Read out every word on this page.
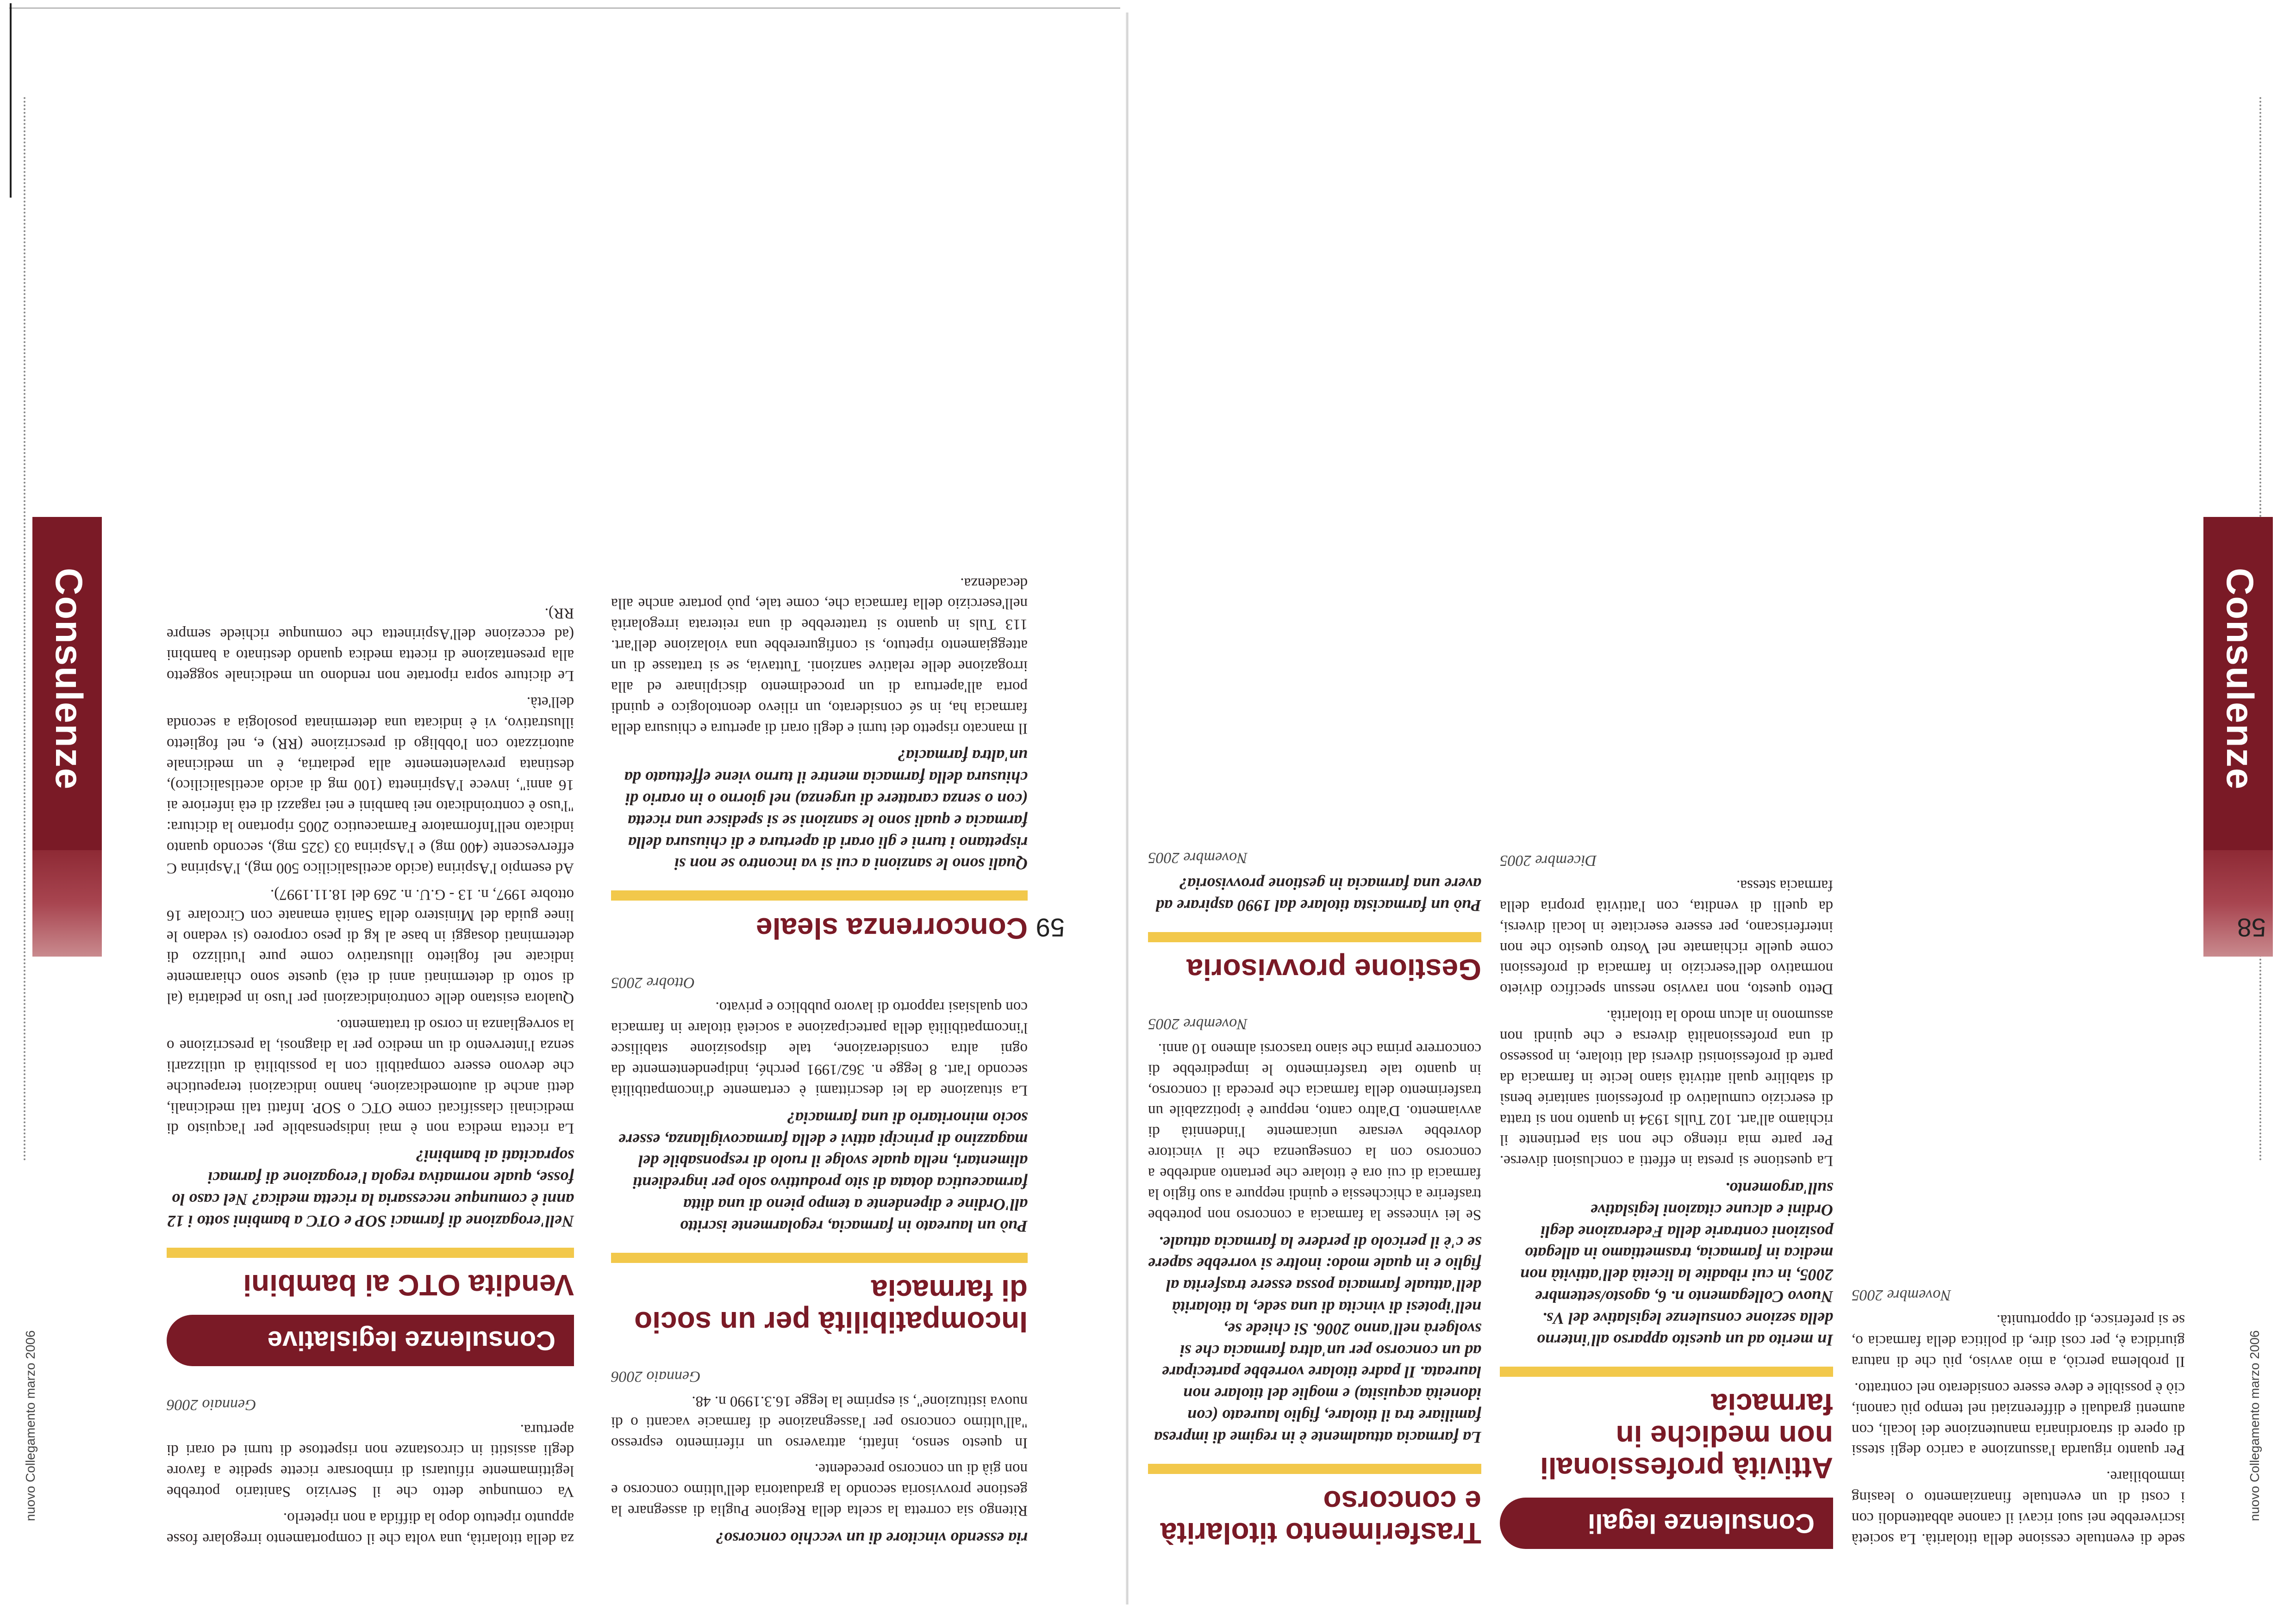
nuovo Collegamento marzo 2006
Consulenze
58

sede di eventuale cessione della titolarità. La società iscriverebbe nei suoi ricavi il canone abbattendoli con i costi di un eventuale finanziamento o leasing immobiliare.

Per quanto riguarda l'assunzione a carico degli stessi di opere di straordinaria manutenzione dei locali, con aumenti graduali e differenziati nel tempo più canoni, ciò è possibile e deve essere considerato nel contratto.

Il problema perciò, a mio avviso, più che di natura giuridica è, per così dire, di politica della farmacia o, se si preferisce, di opportunità.

Novembre 2005
Consulenze legali
Attività professionali non mediche in farmacia

In merito ad un quesito apparso all'interno della sezione consulenze legislative del Vs. Nuovo Collegamento n. 6, agosto/settembre 2005, in cui ribadite la liceità dell'attività non medica in farmacia, trasmettiamo in allegato posizioni contrarie della Federazione degli Ordini e alcune citazioni legislative sull'argomento.

La questione si presta in effetti a conclusioni diverse. Per parte mia ritengo che non sia pertinente il richiamo all'art. 102 Tulls 1934 in quanto non si tratta di esercizio cumulativo di professioni sanitarie bensì di stabilire quali attività siano lecite in farmacia da parte di professionisti diversi dal titolare, in possesso di una professionalità diversa e che quindi non assumono in alcun modo la titolarità.

Detto questo, non ravviso nessun specifico divieto normativo dell'esercizio in farmacia di professioni come quelle richiamate nel Vostro quesito che non interferiscano, per essere esercitate in locali diversi, da quelli di vendita, con l'attività propria della farmacia stessa.

Dicembre 2005
Trasferimento titolarità e concorso

La farmacia attualmente è in regime di impresa familiare tra il titolare, figlio laureato (con idoneità acquisita) e moglie del titolare non laureata. Il padre titolare vorrebbe partecipare ad un concorso per un'altra farmacia che si svolgerà nell'anno 2006. Si chiede se, nell'ipotesi di vincita di una sede, la titolarità dell'attuale farmacia possa essere trasferita al figlio e in quale modo: inoltre si vorrebbe sapere se c'è il pericolo di perdere la farmacia attuale.

Se lei vincesse la farmacia a concorso non potrebbe trasferire a chicchessia e quindi neppure a suo figlio la farmacia di cui ora è titolare che pertanto andrebbe a concorso con la conseguenza che il vincitore dovrebbe versare unicamente l'indennità di avviamento. D'altro canto, neppure è ipotizzabile un trasferimento della farmacia che preceda il concorso, in quanto tale trasferimento le impedirebbe di concorrere prima che siano trascorsi almeno 10 anni.

Novembre 2005
Gestione provvisoria

Può un farmacista titolare dal 1990 aspirare ad avere una farmacia in gestione provvisoria?

Novembre 2005
59
Consulenze
nuovo Collegamento marzo 2006

ria essendo vincitore di un vecchio concorso?

Ritengo sia corretta la scelta della Regione Puglia di assegnare la gestione provvisoria secondo la graduatoria dell'ultimo concorso e non già di un concorso precedente.

In questo senso, infatti, attraverso un riferimento espresso "all'ultimo concorso per l'assegnazione di farmacie vacanti o di nuova istituzione", si esprime la legge 16.3.1990 n. 48.

Gennaio 2006
Incompatibilità per un socio di farmacia

Può un laureato in farmacia, regolarmente iscritto all'Ordine e dipendente a tempo pieno di una ditta farmaceutica dotata di sito produttivo solo per ingredienti alimentari, nella quale svolge il ruolo di responsabile del magazzino di principi attivi e della farmacovigilanza, essere socio minoritario di una farmacia?

La situazione da lei descrittami è certamente d'incompatibilità secondo l'art. 8 legge n. 362/1991 perché, indipendentemente da ogni altra considerazione, tale disposizione stabilisce l'incompatibilità della partecipazione a società titolare in farmacia con qualsiasi rapporto di lavoro pubblico e privato.

Ottobre 2005
Concorrenza sleale

Quali sono le sanzioni a cui si va incontro se non si rispettano i turni e gli orari di apertura e di chiusura della farmacia e quali sono le sanzioni se si spedisce una ricetta (con o senza carattere di urgenza) nel giorno o in orario di chiusura della farmacia mentre il turno viene effettuato da un'altra farmacia?

Il mancato rispetto dei turni e degli orari di apertura e chiusura della farmacia ha, in sé considerato, un rilievo deontologico e quindi porta all'apertura di un procedimento disciplinare ed alla irrogazione delle relative sanzioni. Tuttavia, se si trattasse di un atteggiamento ripetuto, si configurerebbe una violazione dell'art. 113 Tuls in quanto si tratterebbe di una reiterata irregolarità nell'esercizio della farmacia che, come tale, può portare anche alla decadenza.

za della titolarità, una volta che il comportamento irregolare fosse appunto ripetuto dopo la diffida a non ripeterlo.

Va comunque detto che il Servizio Sanitario potrebbe legittimamente rifiutarsi di rimborsare ricette spedite a favore degli assistiti in circostanze non rispettose di turni ed orari di apertura.

Gennaio 2006
Consulenze legislative
Vendita OTC ai bambini

Nell'erogazione di farmaci SOP e OTC a bambini sotto i 12 anni è comunque necessaria la ricetta medica? Nel caso lo fosse, quale normativa regola l'erogazione di farmaci sopracitati ai bambini?

La ricetta medica non è mai indispensabile per l'acquisto di medicinali classificati come OTC o SOP. Infatti tali medicinali, detti anche di automedicazione, hanno indicazioni terapeutiche che devono essere compatibili con la possibilità di utilizzarli senza l'intervento di un medico per la diagnosi, la prescrizione o la sorveglianza in corso di trattamento.

Qualora esistano delle controindicazioni per l'uso in pediatria (al di sotto di determinati anni di età) queste sono chiaramente indicate nel foglietto illustrativo come pure l'utilizzo di determinati dosaggi in base al kg di peso corporeo (si vedano le linee guida del Ministero della Sanità emanate con Circolare 16 ottobre 1997, n. 13 - G.U. n. 269 del 18.11.1997).

Ad esempio l'Aspirina (acido acetilsalicilico 500 mg), l'Aspirina C effervescente (400 mg) e l'Aspirina 03 (325 mg), secondo quanto indicato nell'Informatore Farmaceutico 2005 riportano la dicitura: "l'uso è controindicato nei bambini e nei ragazzi di età inferiore ai 16 anni", invece l'Aspirinetta (100 mg di acido acetilsalicilico), destinata prevalentemente alla pediatria, è un medicinale autorizzato con l'obbligo di prescrizione (RR) e, nel foglietto illustrativo, vi è indicata una determinata posologia a seconda dell'età.

Le diciture sopra riportate non rendono un medicinale soggetto alla presentazione di ricetta medica quando destinato a bambini (ad eccezione dell'Aspirinetta che comunque richiede sempre RR).
